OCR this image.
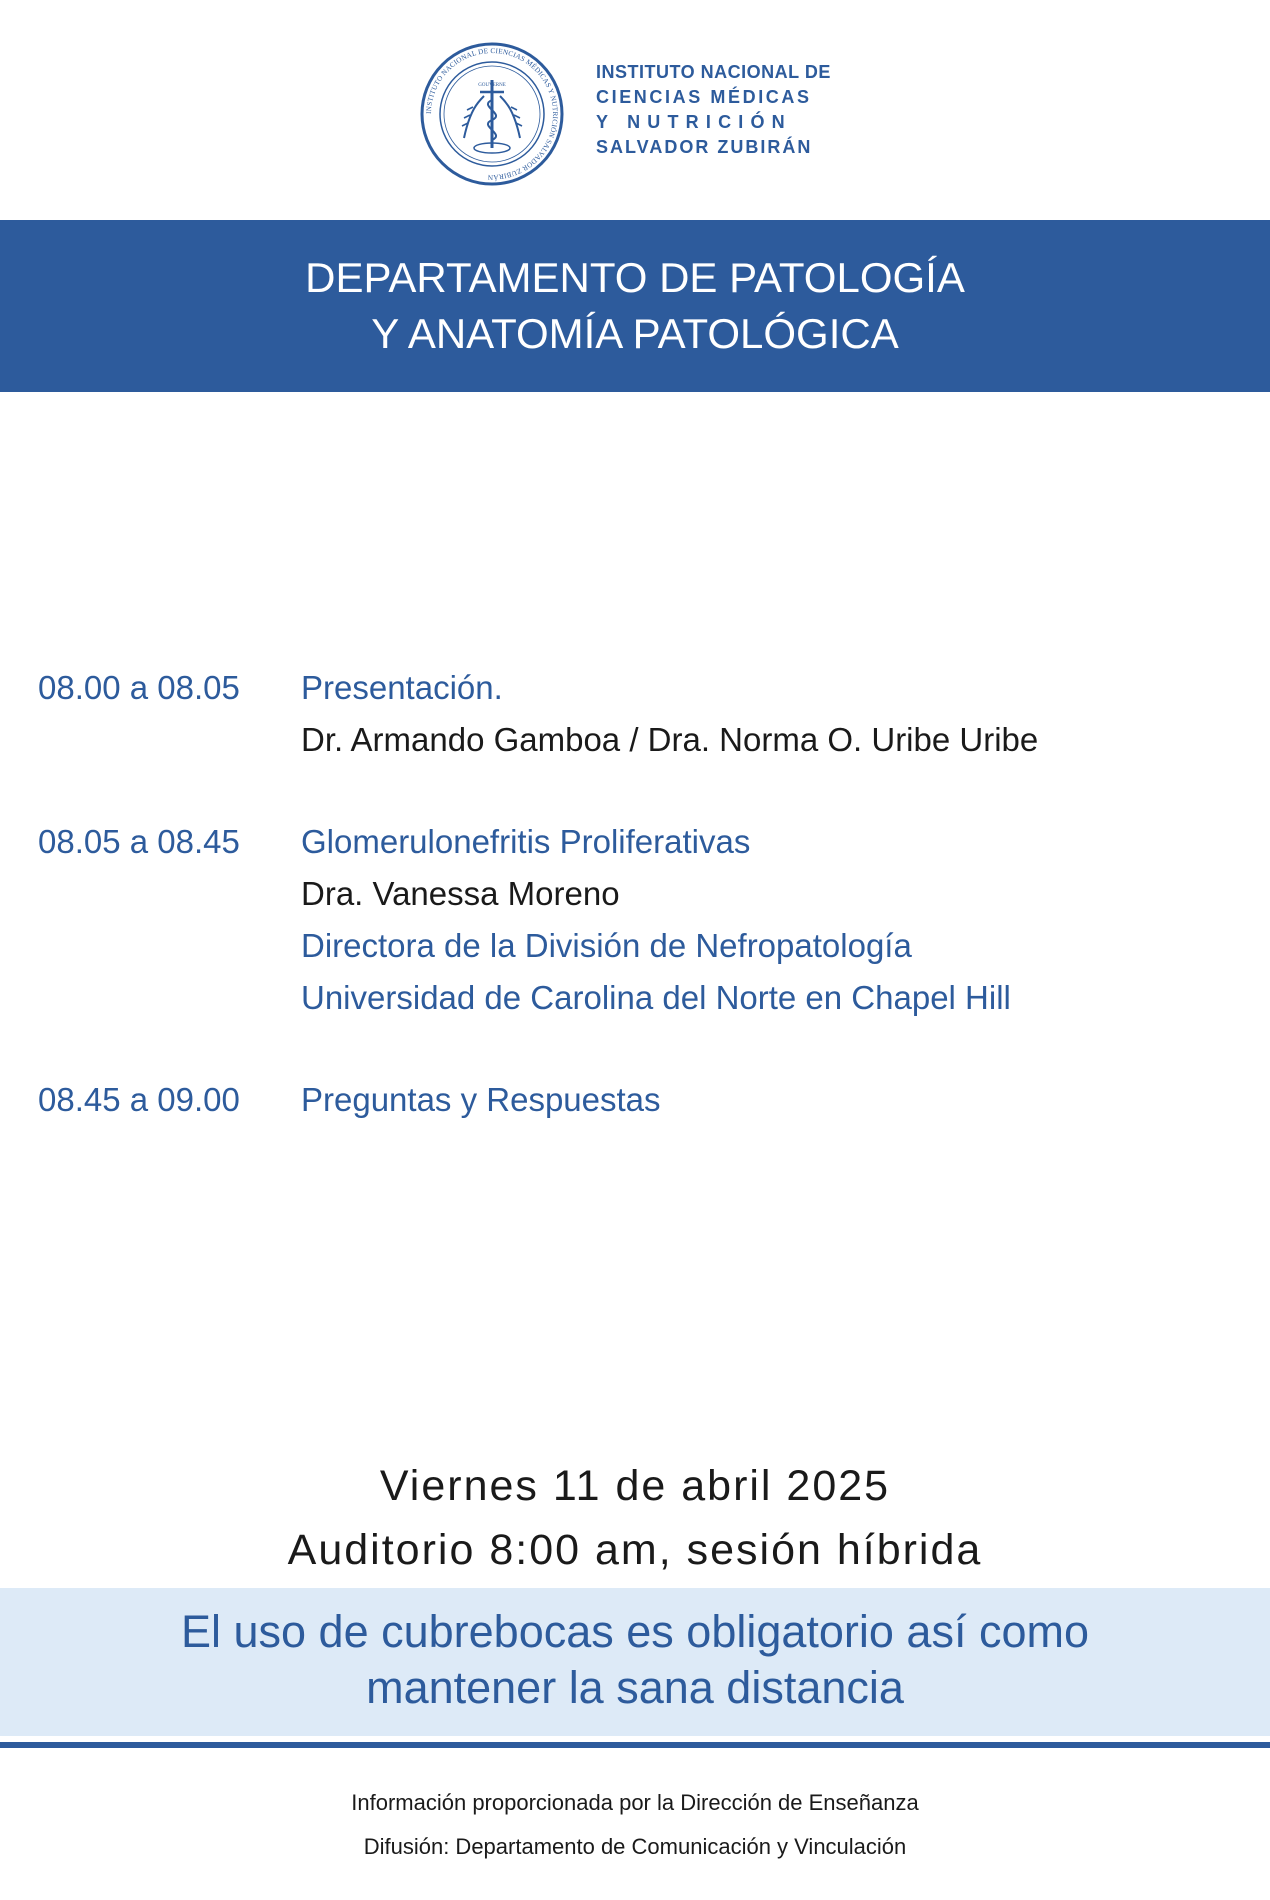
INSTITUTO NACIONAL DE CIENCIAS MÉDICAS Y NUTRICIÓN SALVADOR ZUBIRÁN
GOUVERNE
INSTITUTO NACIONAL DE
CIENCIAS MÉDICAS
Y NUTRICIÓN
SALVADOR ZUBIRÁN
DEPARTAMENTO DE PATOLOGÍA
Y ANATOMÍA PATOLÓGICA
08.00 a 08.05 Presentación.
Dr. Armando Gamboa / Dra. Norma O. Uribe Uribe
08.05 a 08.45 Glomerulonefritis Proliferativas
Dra. Vanessa Moreno
Directora de la División de Nefropatología
Universidad de Carolina del Norte en Chapel Hill
08.45 a 09.00 Preguntas y Respuestas
Viernes 11 de abril 2025
Auditorio 8:00 am, sesión híbrida
El uso de cubrebocas es obligatorio así como
mantener la sana distancia
Información proporcionada por la Dirección de Enseñanza
Difusión: Departamento de Comunicación y Vinculación
